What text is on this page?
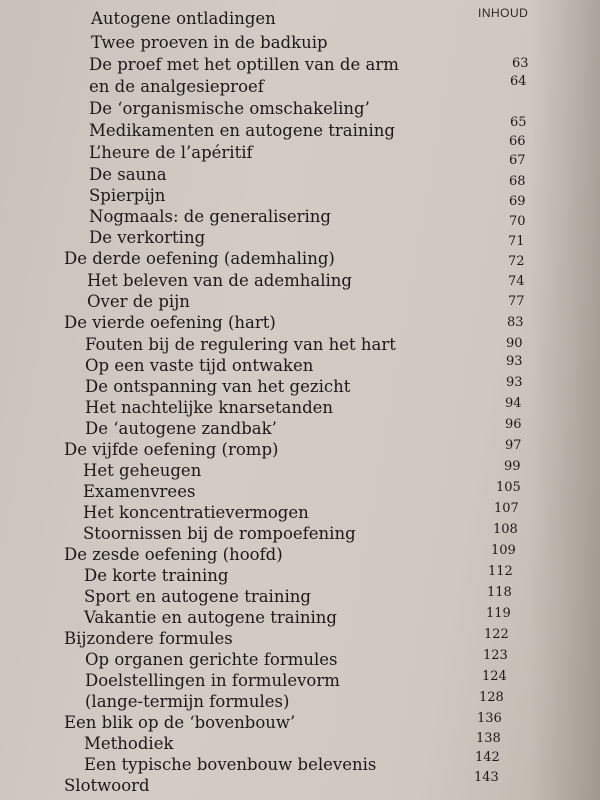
INHOUD
Autogene ontladingen
Twee proeven in de badkuip
De proef met het optillen van de arm
en de analgesieproef
De ‘organismische omschakeling’
Medikamenten en autogene training
L’heure de l’apéritif
De sauna
Spierpijn
Nogmaals: de generalisering
De verkorting
De derde oefening (ademhaling)
Het beleven van de ademhaling
Over de pijn
De vierde oefening (hart)
Fouten bij de regulering van het hart
Op een vaste tijd ontwaken
De ontspanning van het gezicht
Het nachtelijke knarsetanden
De ‘autogene zandbak’
De vijfde oefening (romp)
Het geheugen
Examenvrees
Het koncentratievermogen
Stoornissen bij de rompoefening
De zesde oefening (hoofd)
De korte training
Sport en autogene training
Vakantie en autogene training
Bijzondere formules
Op organen gerichte formules
Doelstellingen in formulevorm
(lange-termijn formules)
Een blik op de ‘bovenbouw’
Methodiek
Een typische bovenbouw belevenis
Slotwoord
63
64
65
66
67
68
69
70
71
72
74
77
83
90
93
93
94
96
97
99
105
107
108
109
112
118
119
122
123
124
128
136
138
142
143
